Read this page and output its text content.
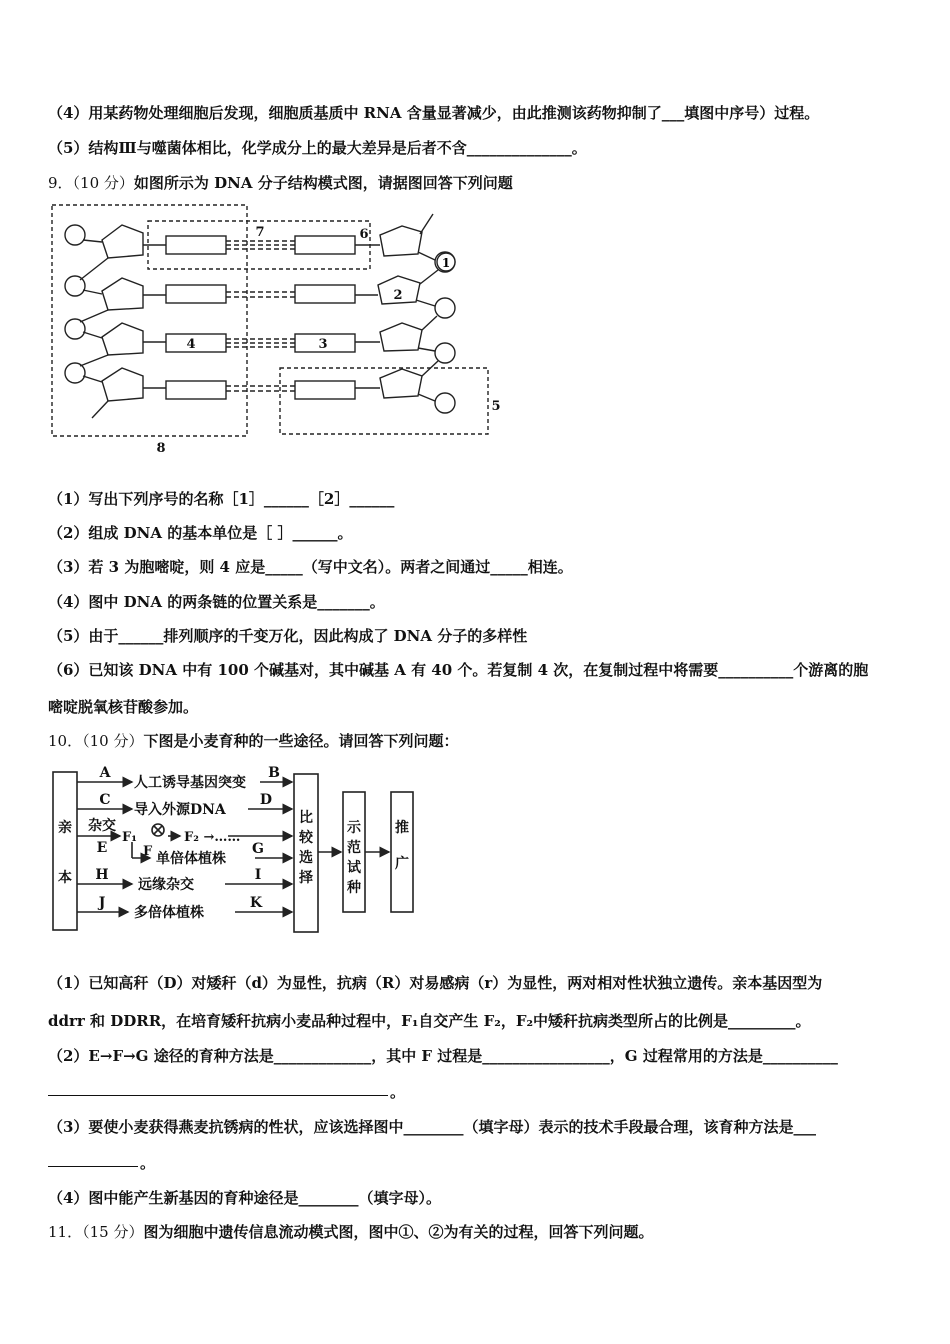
（4）用某药物处理细胞后发现，细胞质基质中 RNA 含量显著减少，由此推测该药物抑制了___填图中序号）过程。
（5）结构Ⅲ与噬菌体相比，化学成分上的最大差异是后者不含______________。
9．（10 分）如图所示为 DNA 分子结构模式图，请据图回答下列问题
4	3
2
7	6
5
8
1
（1）写出下列序号的名称［1］______［2］______
（2）组成 DNA 的基本单位是［ ］______。
（3）若 3 为胞嘧啶，则 4 应是_____（写中文名）。两者之间通过_____相连。
（4）图中 DNA 的两条链的位置关系是_______。
（5）由于______排列顺序的千变万化，因此构成了 DNA 分子的多样性
（6）已知该 DNA 中有 100 个碱基对，其中碱基 A 有 40 个。若复制 4 次，在复制过程中将需要__________个游离的胞
嘧啶脱氧核苷酸参加。
10．（10 分）下图是小麦育种的一些途径。请回答下列问题：
亲
本
A
人工诱导基因突变
B
C
导入外源DNA
D
杂交
F₁	F₂ →……
E	F 单倍体植株
G
H
远缘杂交
I
J
多倍体植株
K
比
较
选
择
示
范
试
种
推
广
（1）已知高秆（D）对矮秆（d）为显性，抗病（R）对易感病（r）为显性，两对相对性状独立遗传。亲本基因型为
ddrr 和 DDRR，在培育矮秆抗病小麦品种过程中，F₁自交产生 F₂，F₂中矮秆抗病类型所占的比例是_________。
（2）E→F→G 途径的育种方法是_____________，其中 F 过程是_________________，G 过程常用的方法是__________
。
（3）要使小麦获得燕麦抗锈病的性状，应该选择图中________（填字母）表示的技术手段最合理，该育种方法是___
。
（4）图中能产生新基因的育种途径是________（填字母）。
11．（15 分）图为细胞中遗传信息流动模式图，图中①、②为有关的过程，回答下列问题。
